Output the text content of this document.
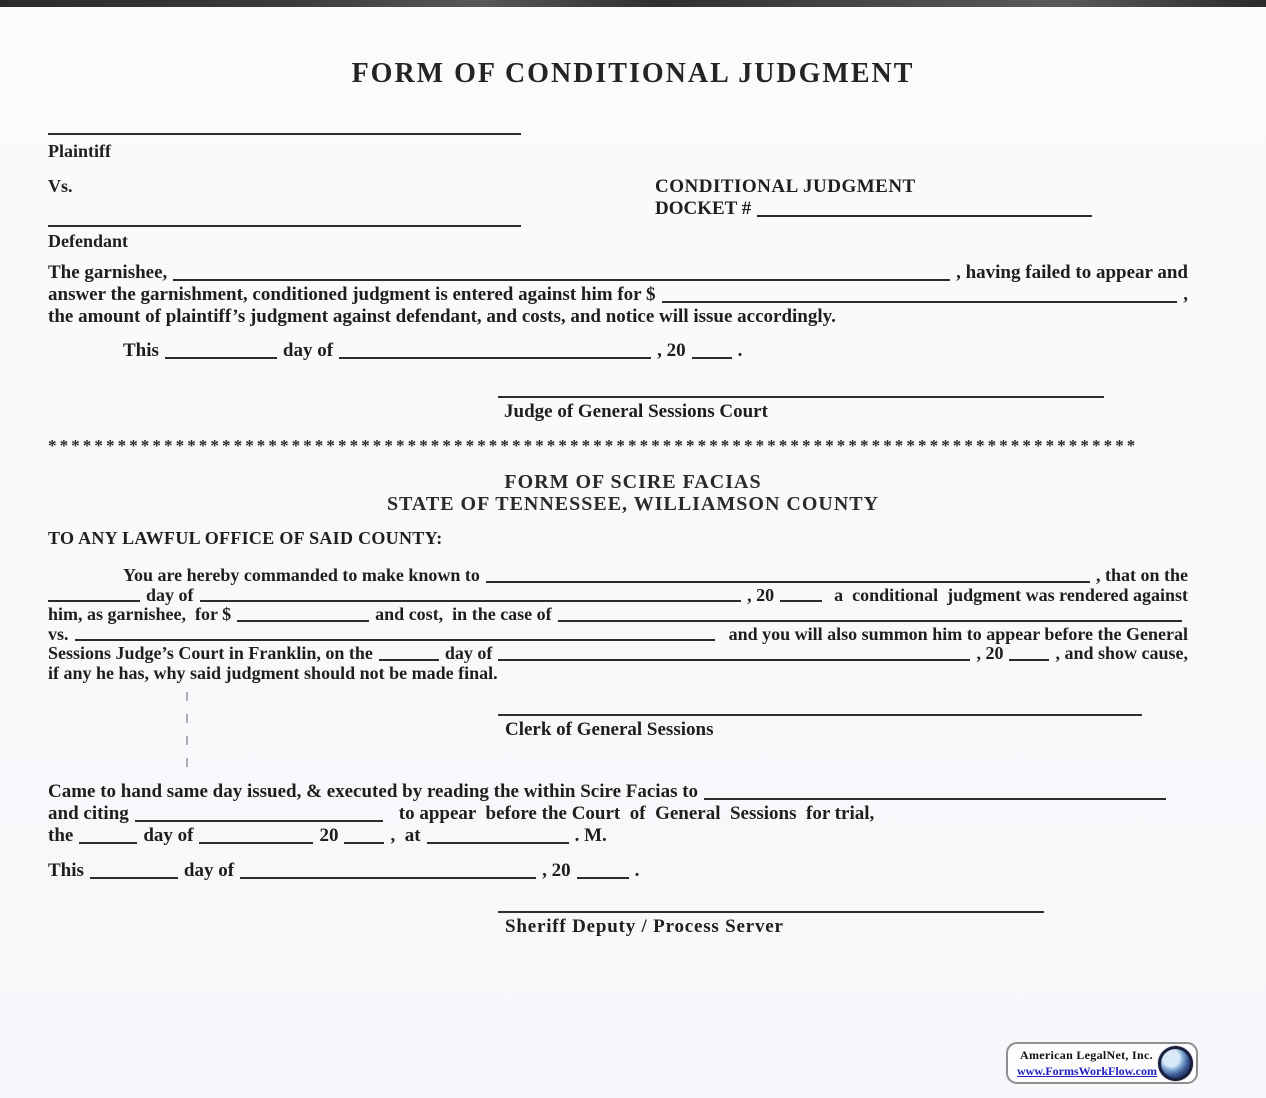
FORM OF CONDITIONAL JUDGMENT
Plaintiff
Vs.	CONDITIONAL JUDGMENT
DOCKET #
Defendant
The garnishee,	, having failed to appear and
answer the garnishment, conditioned judgment is entered against him for $	,
the amount of plaintiff’s judgment against defendant, and costs, and notice will issue accordingly.
This	day of	, 20	.
Judge of General Sessions Court
**********************************************************************************************
FORM OF SCIRE FACIAS
STATE OF TENNESSEE, WILLIAMSON COUNTY
TO ANY LAWFUL OFFICE OF SAID COUNTY:
You are hereby commanded to make known to	, that on the
day of	, 20	a  conditional  judgment was rendered against
him, as garnishee,  for $	and cost,  in the case of
vs.	and you will also summon him to appear before the General
Sessions Judge’s Court in Franklin, on the	day of	, 20	, and show cause,
if any he has, why said judgment should not be made final.
Clerk of General Sessions
Came to hand same day issued, & executed by reading the within Scire Facias to
and citing	to appear  before the Court  of  General  Sessions  for trial,
the	day of	20	,  at	. M.
This	day of	, 20	.
Sheriff Deputy / Process Server
American LegalNet, Inc.
www.FormsWorkFlow.com
